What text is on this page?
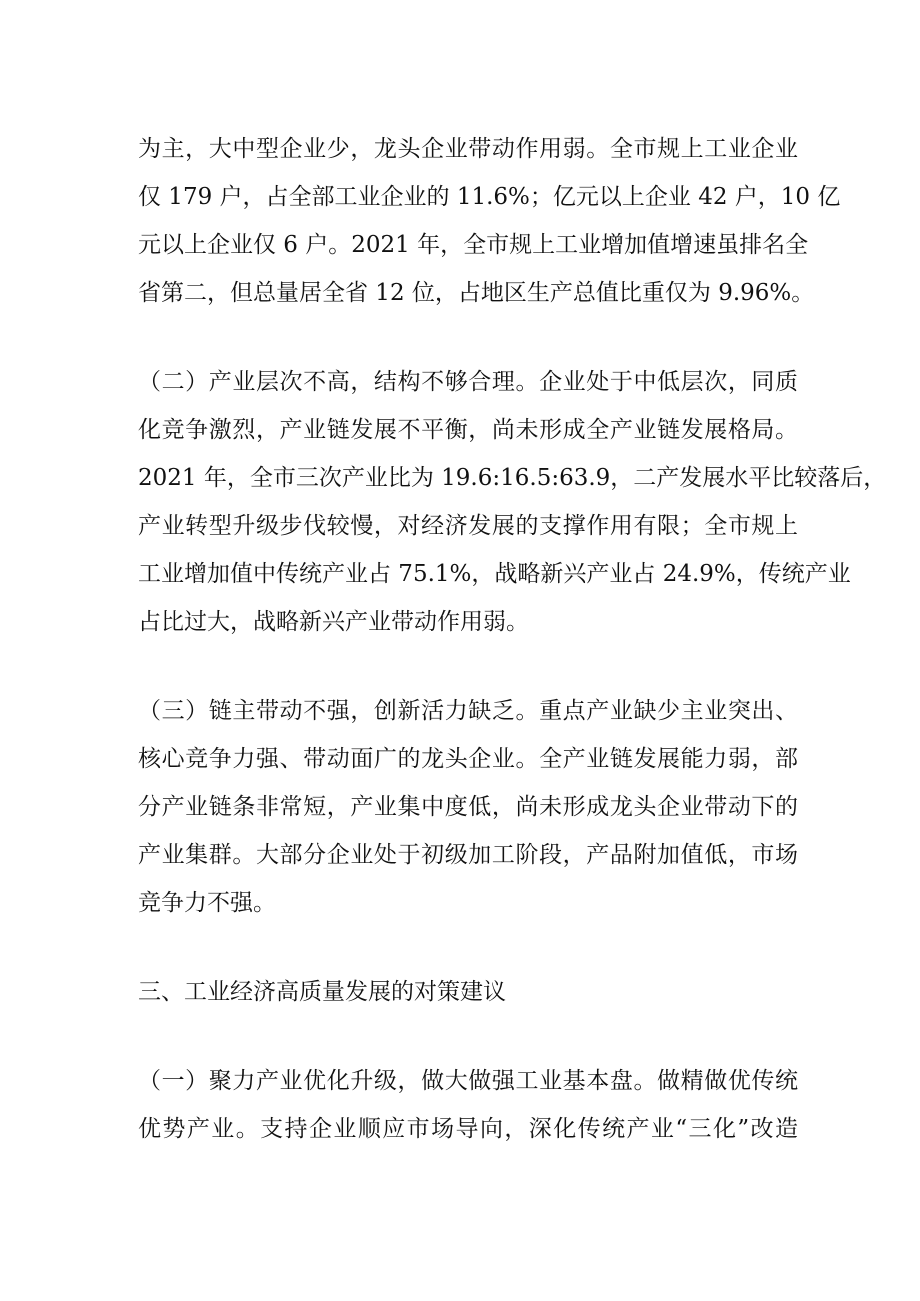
为主，大中型企业少，龙头企业带动作用弱。全市规上工业企业
仅 179 户，占全部工业企业的 11.6%；亿元以上企业 42 户，10 亿
元以上企业仅 6 户。2021 年，全市规上工业增加值增速虽排名全
省第二，但总量居全省 12 位，占地区生产总值比重仅为 9.96%。
（二）产业层次不高，结构不够合理。企业处于中低层次，同质
化竞争激烈，产业链发展不平衡，尚未形成全产业链发展格局。
2021 年，全市三次产业比为 19.6:16.5:63.9，二产发展水平比较落后，
产业转型升级步伐较慢，对经济发展的支撑作用有限；全市规上
工业增加值中传统产业占 75.1%，战略新兴产业占 24.9%，传统产业
占比过大，战略新兴产业带动作用弱。
（三）链主带动不强，创新活力缺乏。重点产业缺少主业突出、
核心竞争力强、带动面广的龙头企业。全产业链发展能力弱，部
分产业链条非常短，产业集中度低，尚未形成龙头企业带动下的
产业集群。大部分企业处于初级加工阶段，产品附加值低，市场
竞争力不强。
三、工业经济高质量发展的对策建议
（一）聚力产业优化升级，做大做强工业基本盘。做精做优传统
优势产业。支持企业顺应市场导向，深化传统产业“三化”改造
